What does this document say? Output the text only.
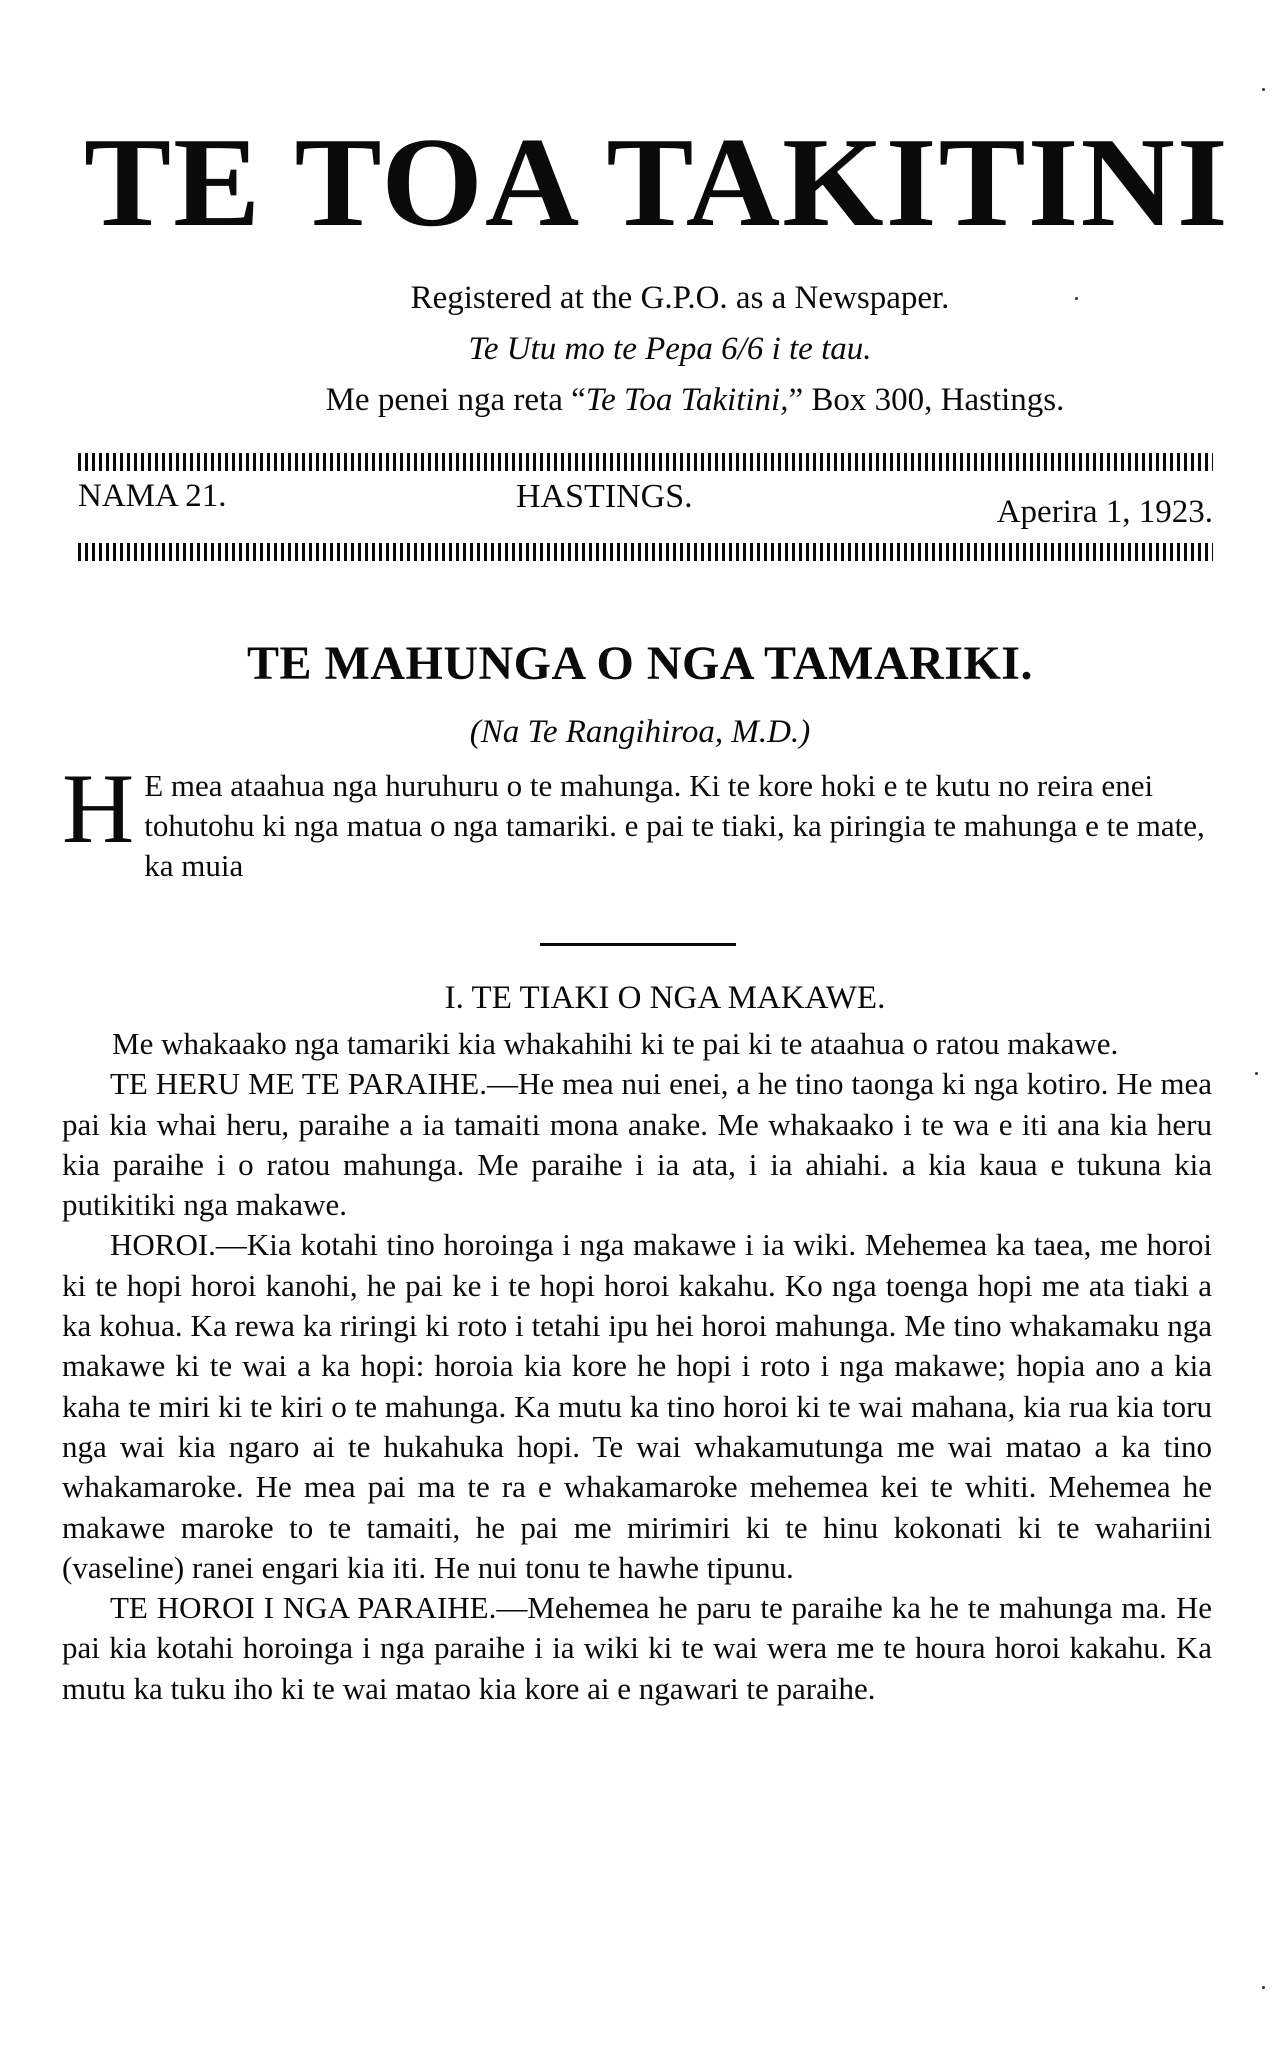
TE TOA TAKITINI
Registered at the G.P.O. as a Newspaper.
Te Utu mo te Pepa 6/6 i te tau.
Me penei nga reta “Te Toa Takitini,” Box 300, Hastings.
NAMA 21.	HASTINGS.	Aperira 1, 1923.
TE MAHUNGA O NGA TAMARIKI.
(Na Te Rangihiroa, M.D.)
H E mea ataahua nga huruhuru o te mahunga. Ki te kore hoki e te kutu no reira enei tohutohu ki nga matua o nga tamariki. e pai te tiaki, ka piringia te mahunga e te mate, ka muia
I. TE TIAKI O NGA MAKAWE.

Me whakaako nga tamariki kia whakahihi ki te pai ki te ataahua o ratou makawe.

TE HERU ME TE PARAIHE.—He mea nui enei, a he tino taonga ki nga kotiro. He mea pai kia whai heru, paraihe a ia tamaiti mona anake. Me whakaako i te wa e iti ana kia heru kia paraihe i o ratou mahunga. Me paraihe i ia ata, i ia ahiahi. a kia kaua e tukuna kia putikitiki nga makawe.

HOROI.—Kia kotahi tino horoinga i nga makawe i ia wiki. Mehemea ka taea, me horoi ki te hopi horoi kanohi, he pai ke i te hopi horoi kakahu. Ko nga toenga hopi me ata tiaki a ka kohua. Ka rewa ka riringi ki roto i tetahi ipu hei horoi mahunga. Me tino whakamaku nga makawe ki te wai a ka hopi: horoia kia kore he hopi i roto i nga makawe; hopia ano a kia kaha te miri ki te kiri o te mahunga. Ka mutu ka tino horoi ki te wai mahana, kia rua kia toru nga wai kia ngaro ai te hukahuka hopi. Te wai whakamutunga me wai matao a ka tino whakamaroke. He mea pai ma te ra e whakamaroke mehemea kei te whiti. Mehemea he makawe maroke to te tamaiti, he pai me mirimiri ki te hinu kokonati ki te wahariini (vaseline) ranei engari kia iti. He nui tonu te hawhe tipunu.

TE HOROI I NGA PARAIHE.—Mehemea he paru te paraihe ka he te mahunga ma. He pai kia kotahi horoinga i nga paraihe i ia wiki ki te wai wera me te houra horoi kakahu. Ka mutu ka tuku iho ki te wai matao kia kore ai e ngawari te paraihe.
